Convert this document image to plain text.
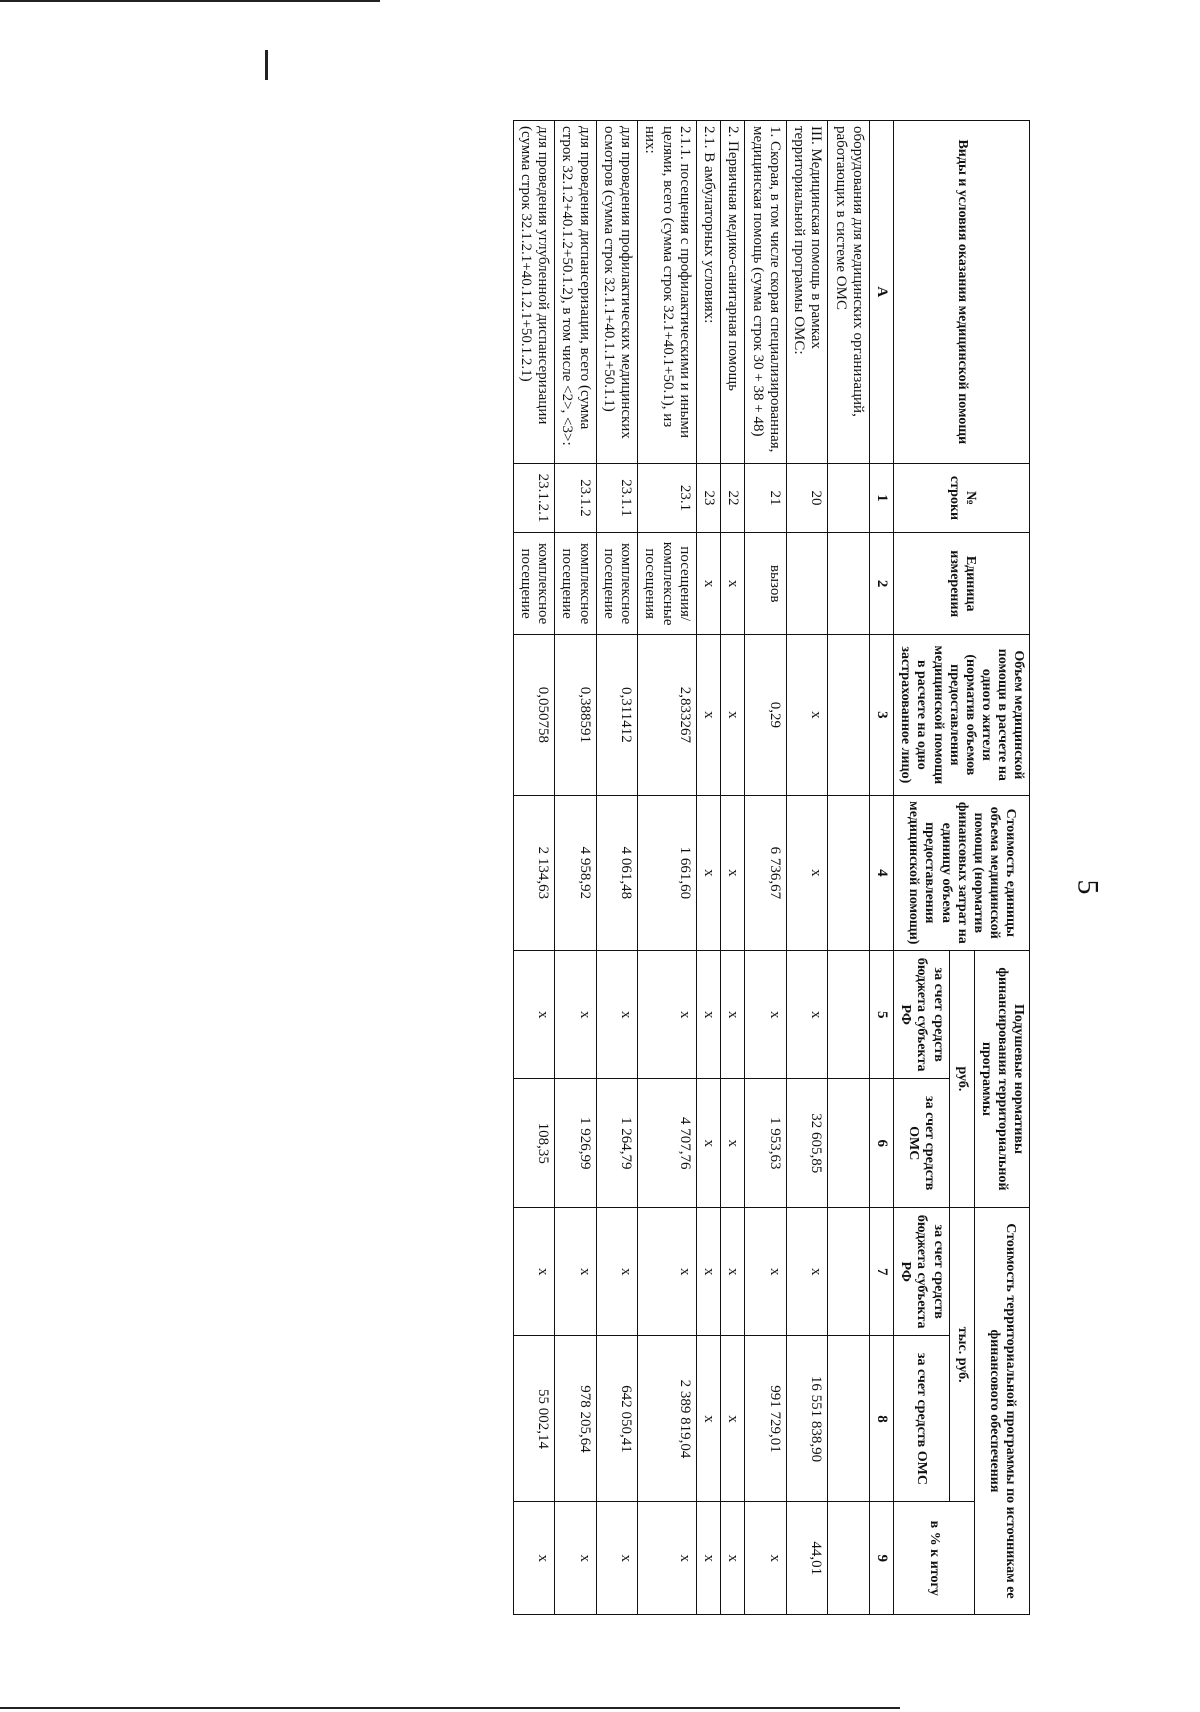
5
Виды и условия оказания медицинской помощи	№ строки	Единица измерения	Объем медицинской помощи в расчете на одного жителя (норматив объемов предоставления медицинской помощи в расчете на одно застрахованное лицо)	Стоимость единицы объема медицинской помощи (норматив финансовых затрат на единицу объема предоставления медицинской помощи)	Подушевые нормативы финансирования территориальной программы		Стоимость территориальной программы по источникам ее финансового обеспечения		
					руб.		тыс. руб.		в % к итогу
					за счет средств бюджета субъекта РФ	за счет средств ОМС	за счет средств бюджета субъекта РФ	за счет средств ОМС	
А	1	2	3	4	5	6	7	8	9
оборудования для медицинских организаций, работающих в системе ОМС									
III. Медицинская помощь в рамках территориальной программы ОМС:	20		х	х	х	32 605,85	х	16 551 838,90	44,01
1. Скорая, в том числе скорая специализированная, медицинская помощь (сумма строк 30 + 38 + 48)	21	вызов	0,29	6 736,67	х	1 953,63	х	991 729,01	х
2. Первичная медико-санитарная помощь	22	х	х	х	х	х	х	х	х
2.1. В амбулаторных условиях:	23	х	х	х	х	х	х	х	х
2.1.1. посещения с профилактическими и иными целями, всего (сумма строк 32.1+40.1+50.1), из них:	23.1	посещения/комплексные посещения	2,833267	1 661,60	х	4 707,76	х	2 389 819,04	х
для проведения профилактических медицинских осмотров (сумма строк 32.1.1+40.1.1+50.1.1)	23.1.1	комплексное посещение	0,311412	4 061,48	х	1 264,79	х	642 050,41	х
для проведения диспансеризации, всего (сумма строк 32.1.2+40.1.2+50.1.2), в том числе <2>, <3>:	23.1.2	комплексное посещение	0,388591	4 958,92	х	1 926,99	х	978 205,64	х
для проведения углубленной диспансеризации (сумма строк 32.1.2.1+40.1.2.1+50.1.2.1)	23.1.2.1	комплексное посещение	0,050758	2 134,63	х	108,35	х	55 002,14	х
